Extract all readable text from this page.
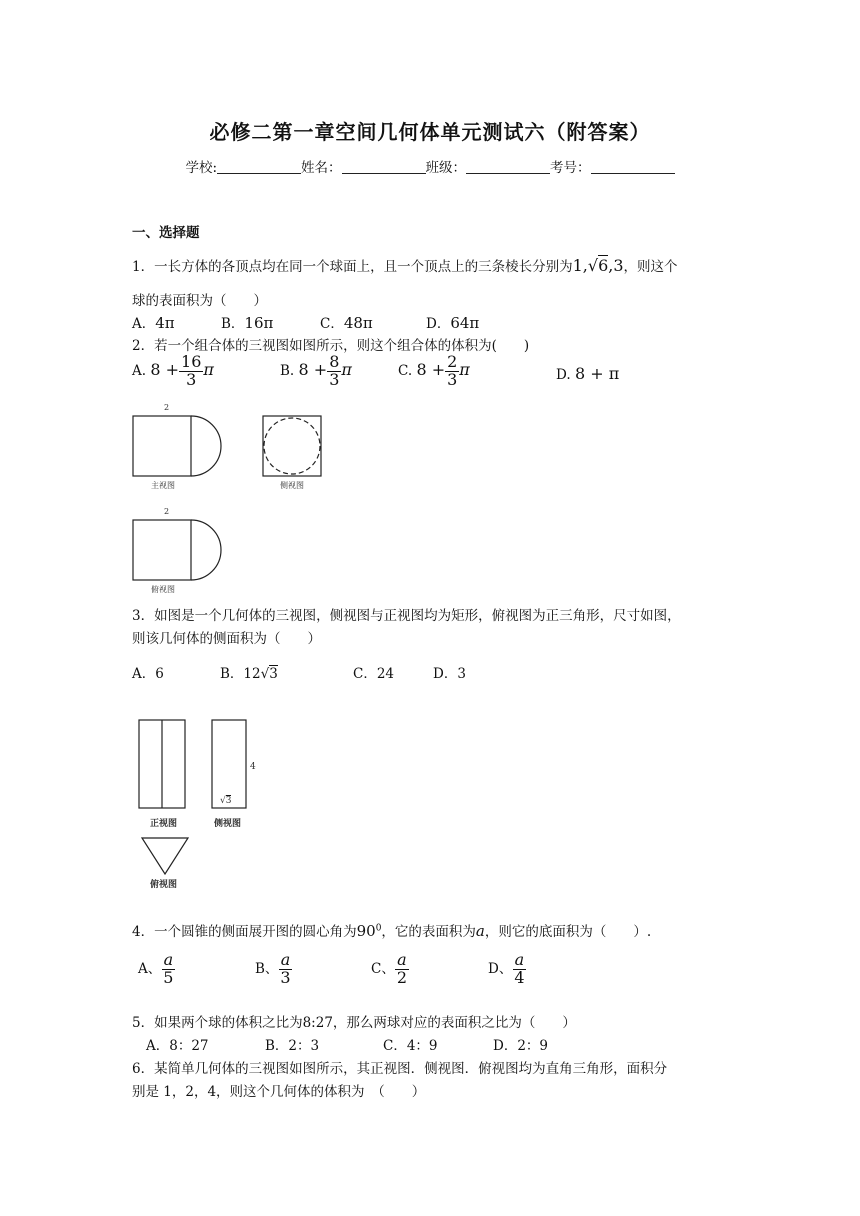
必修二第一章空间几何体单元测试六（附答案）
学校:	姓名：	班级：	考号：
一、选择题
1．一长方体的各顶点均在同一个球面上，且一个顶点上的三条棱长分别为1,√6,3，则这个
球的表面积为（　　）
A．4π	B．16π	C．48π	D．64π
2．若一个组合体的三视图如图所示，则这个组合体的体积为(　　)
A. $8 + \frac{16}{3}$ π	B. $8 + \frac{8}{3}$ π	C. $8 + \frac{2}{3}$ π	D. 8 + π
2
主视图	侧视图
2
俯视图
3．如图是一个几何体的三视图，侧视图与正视图均为矩形，俯视图为正三角形，尺寸如图，
则该几何体的侧面积为（　　）
A．6	B．12√3	C．24	D．3
4
√3
正视图	侧视图
俯视图
4．一个圆锥的侧面展开图的圆心角为$90^0$，它的表面积为a，则它的底面积为（　　）.
A、 $\frac{a}{5}$	B、 $\frac{a}{3}$	C、 $\frac{a}{2}$	D、 $\frac{a}{4}$
5．如果两个球的体积之比为8:27，那么两球对应的表面积之比为（　　）
A．8：27	B．2：3	C．4：9	D．2：9
6．某简单几何体的三视图如图所示，其正视图．侧视图．俯视图均为直角三角形，面积分
别是 1，2，4，则这个几何体的体积为　（　　）
